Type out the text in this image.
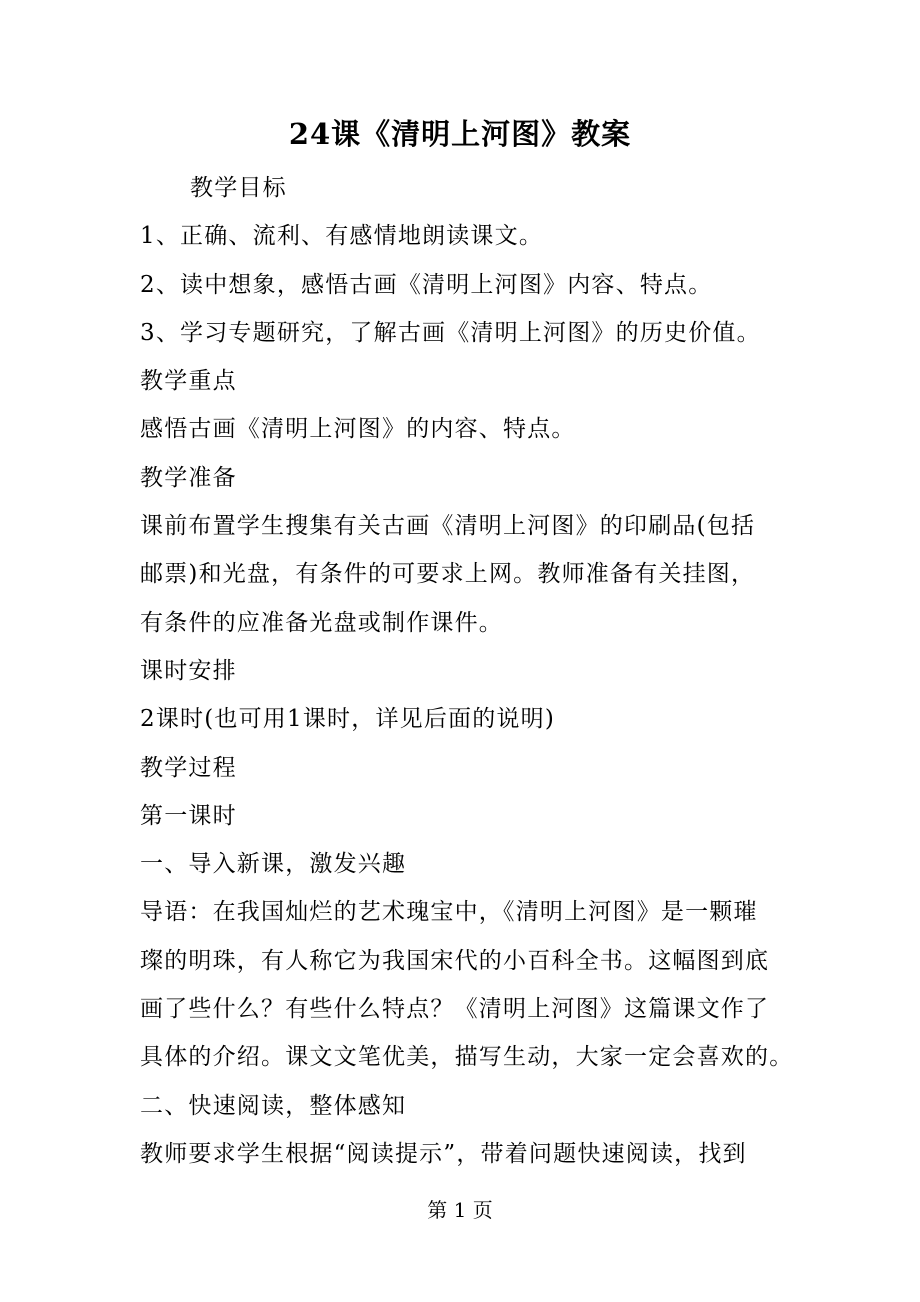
24课《清明上河图》教案
教学目标
1、正确、流利、有感情地朗读课文。
2、读中想象，感悟古画《清明上河图》内容、特点。
3、学习专题研究，了解古画《清明上河图》的历史价值。
教学重点
感悟古画《清明上河图》的内容、特点。
教学准备
课前布置学生搜集有关古画《清明上河图》的印刷品(包括
邮票)和光盘，有条件的可要求上网。教师准备有关挂图，
有条件的应准备光盘或制作课件。
课时安排
2课时(也可用1课时，详见后面的说明)
教学过程
第一课时
一、导入新课，激发兴趣
导语：在我国灿烂的艺术瑰宝中，《清明上河图》是一颗璀
璨的明珠，有人称它为我国宋代的小百科全书。这幅图到底
画了些什么？有些什么特点？《清明上河图》这篇课文作了
具体的介绍。课文文笔优美，描写生动，大家一定会喜欢的。
二、快速阅读，整体感知
教师要求学生根据“阅读提示”，带着问题快速阅读，找到
第 1 页
